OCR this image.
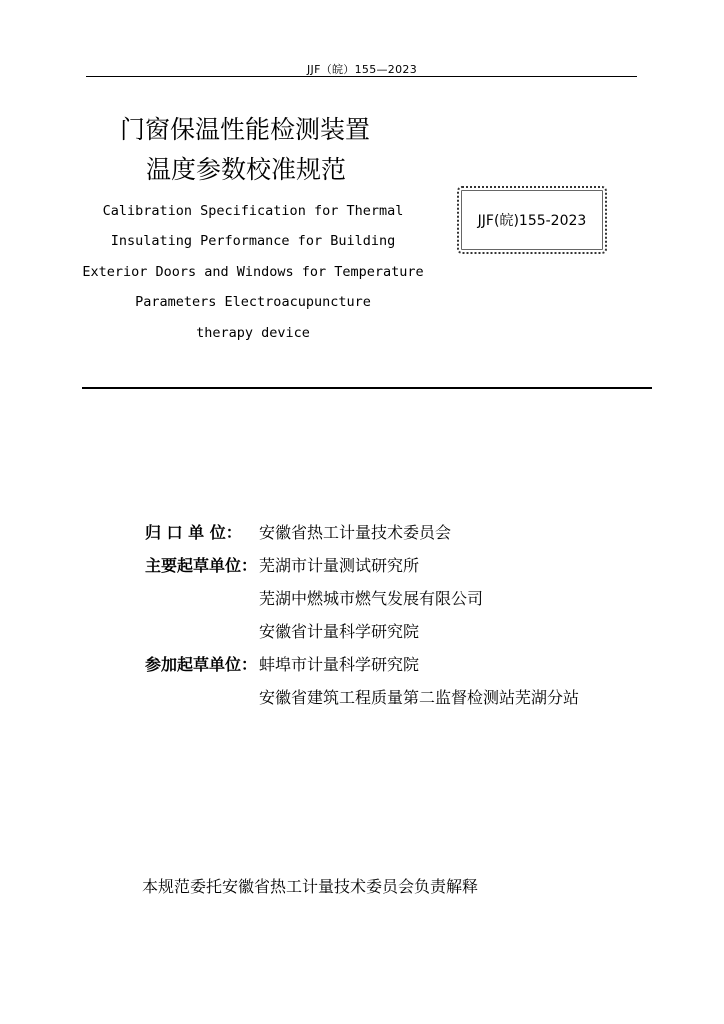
JJF（皖）155—2023
门窗保温性能检测装置
温度参数校准规范
Calibration Specification for Thermal
Insulating Performance for Building
Exterior Doors and Windows for Temperature
Parameters Electroacupuncture
therapy device
JJF(皖)155-2023
归 口 单 位：	安徽省热工计量技术委员会
主要起草单位： 芜湖市计量测试研究所
芜湖中燃城市燃气发展有限公司
安徽省计量科学研究院
参加起草单位： 蚌埠市计量科学研究院
安徽省建筑工程质量第二监督检测站芜湖分站
本规范委托安徽省热工计量技术委员会负责解释
